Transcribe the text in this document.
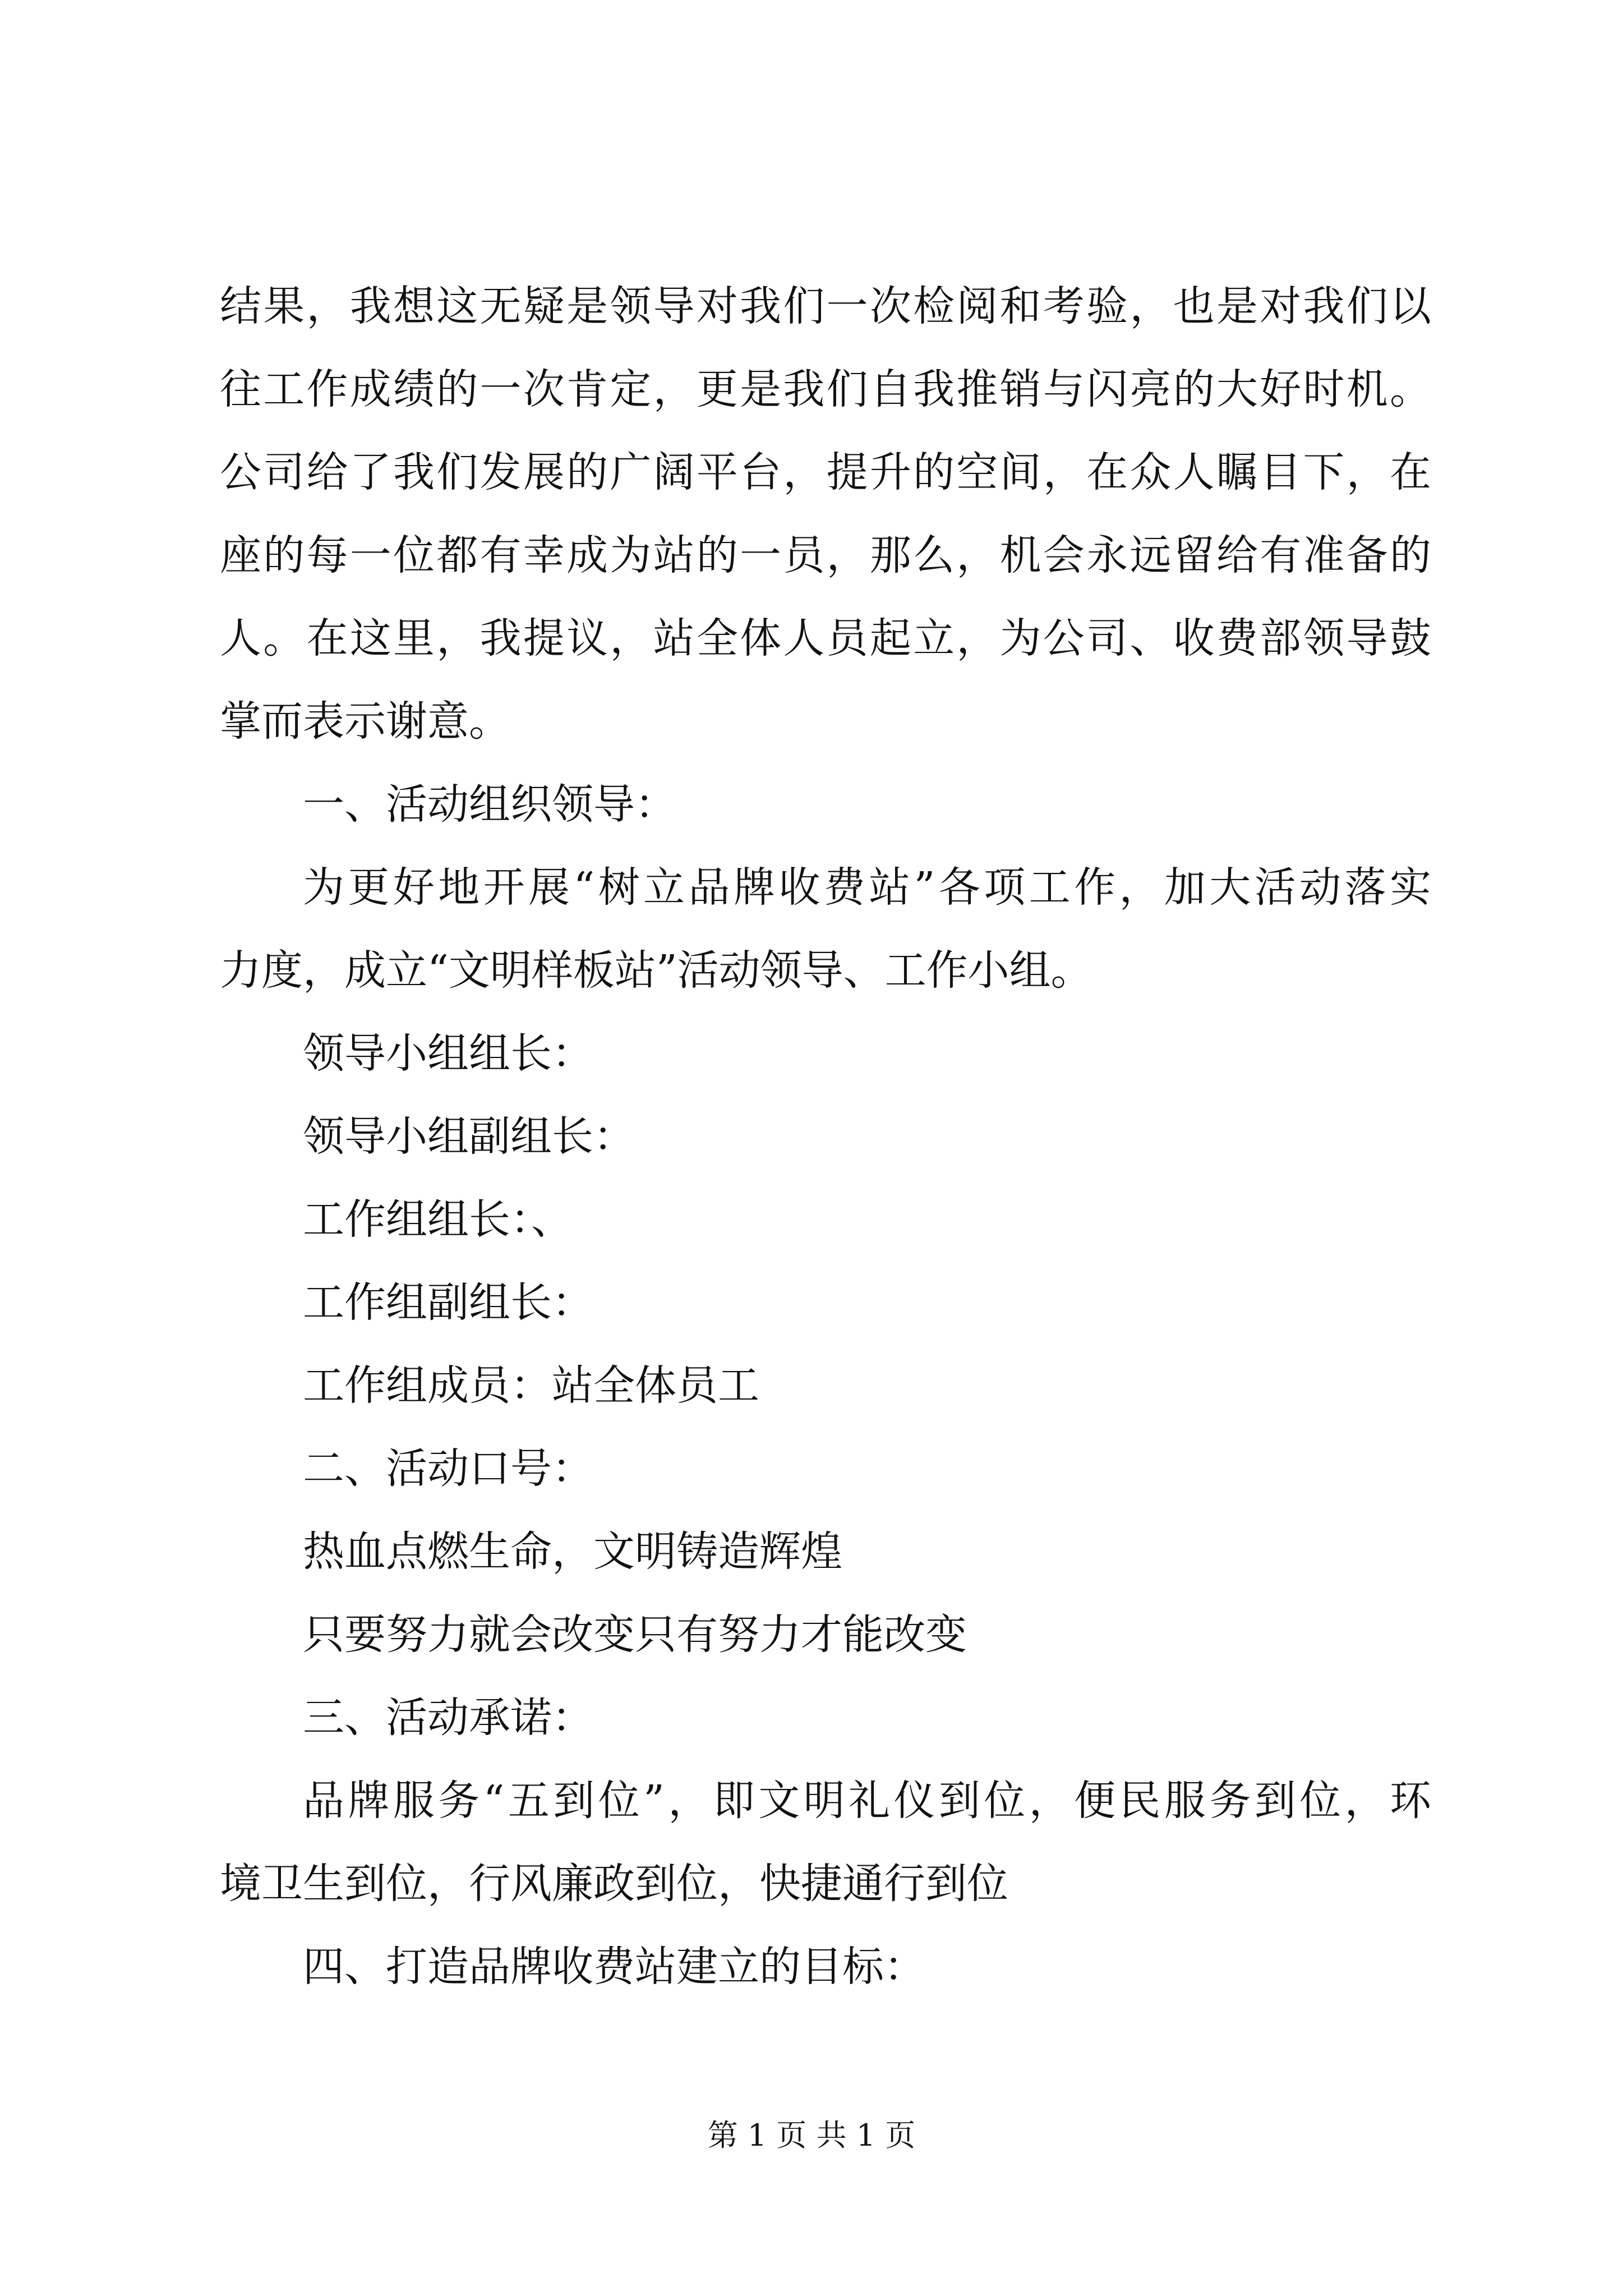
结果，我想这无疑是领导对我们一次检阅和考验，也是对我们以
往工作成绩的一次肯定，更是我们自我推销与闪亮的大好时机。
公司给了我们发展的广阔平台，提升的空间，在众人瞩目下，在
座的每一位都有幸成为站的一员，那么，机会永远留给有准备的
人。在这里，我提议，站全体人员起立，为公司、收费部领导鼓
掌而表示谢意。
一、活动组织领导：
为更好地开展“树立品牌收费站”各项工作，加大活动落实
力度，成立“文明样板站”活动领导、工作小组。
领导小组组长：
领导小组副组长：
工作组组长：、
工作组副组长：
工作组成员：站全体员工
二、活动口号：
热血点燃生命，文明铸造辉煌
只要努力就会改变只有努力才能改变
三、活动承诺：
品牌服务“五到位”，即文明礼仪到位，便民服务到位，环
境卫生到位，行风廉政到位，快捷通行到位
四、打造品牌收费站建立的目标：
第 1 页 共 1 页
